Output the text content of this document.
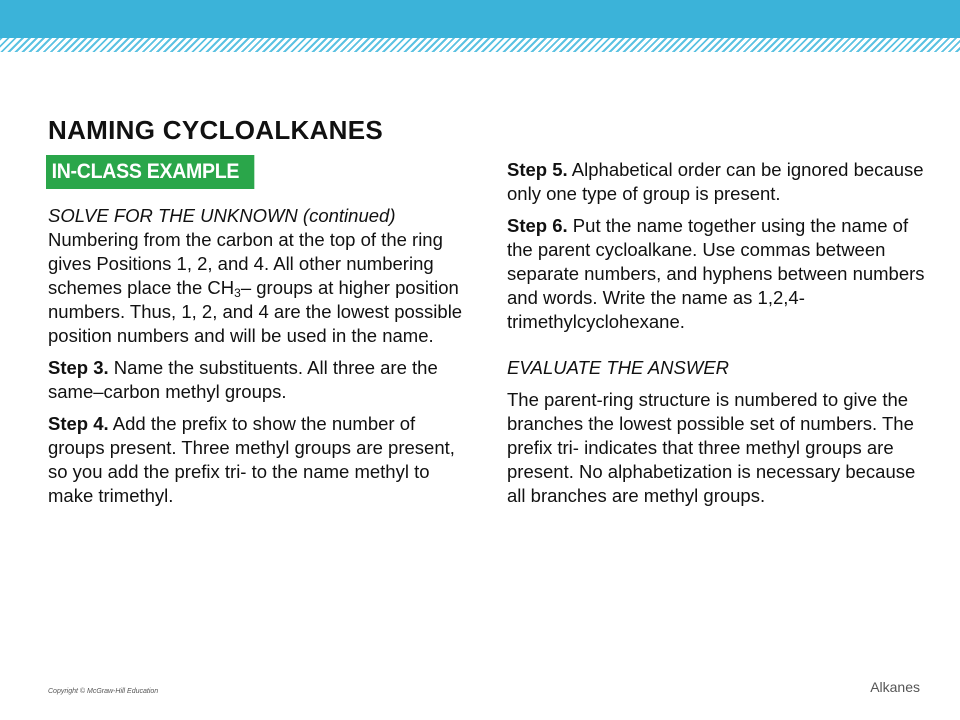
NAMING CYCLOALKANES
IN-CLASS EXAMPLE

SOLVE FOR THE UNKNOWN (continued)
Numbering from the carbon at the top of the ring gives Positions 1, 2, and 4. All other numbering schemes place the $CH_3-$ groups at higher position numbers. Thus, 1, 2, and 4 are the lowest possible position numbers and will be used in the name.

Step 3. Name the substituents. All three are the same–carbon methyl groups.

Step 4. Add the prefix to show the number of groups present. Three methyl groups are present, so you add the prefix tri- to the name methyl to make trimethyl.

Step 5. Alphabetical order can be ignored because only one type of group is present.

Step 6. Put the name together using the name of the parent cycloalkane. Use commas between separate numbers, and hyphens between numbers and words. Write the name as 1,2,4-trimethylcyclohexane.

EVALUATE THE ANSWER

The parent-ring structure is numbered to give the branches the lowest possible set of numbers. The prefix tri- indicates that three methyl groups are present. No alphabetization is necessary because all branches are methyl groups.

Copyright © McGraw-Hill Education	Alkanes
